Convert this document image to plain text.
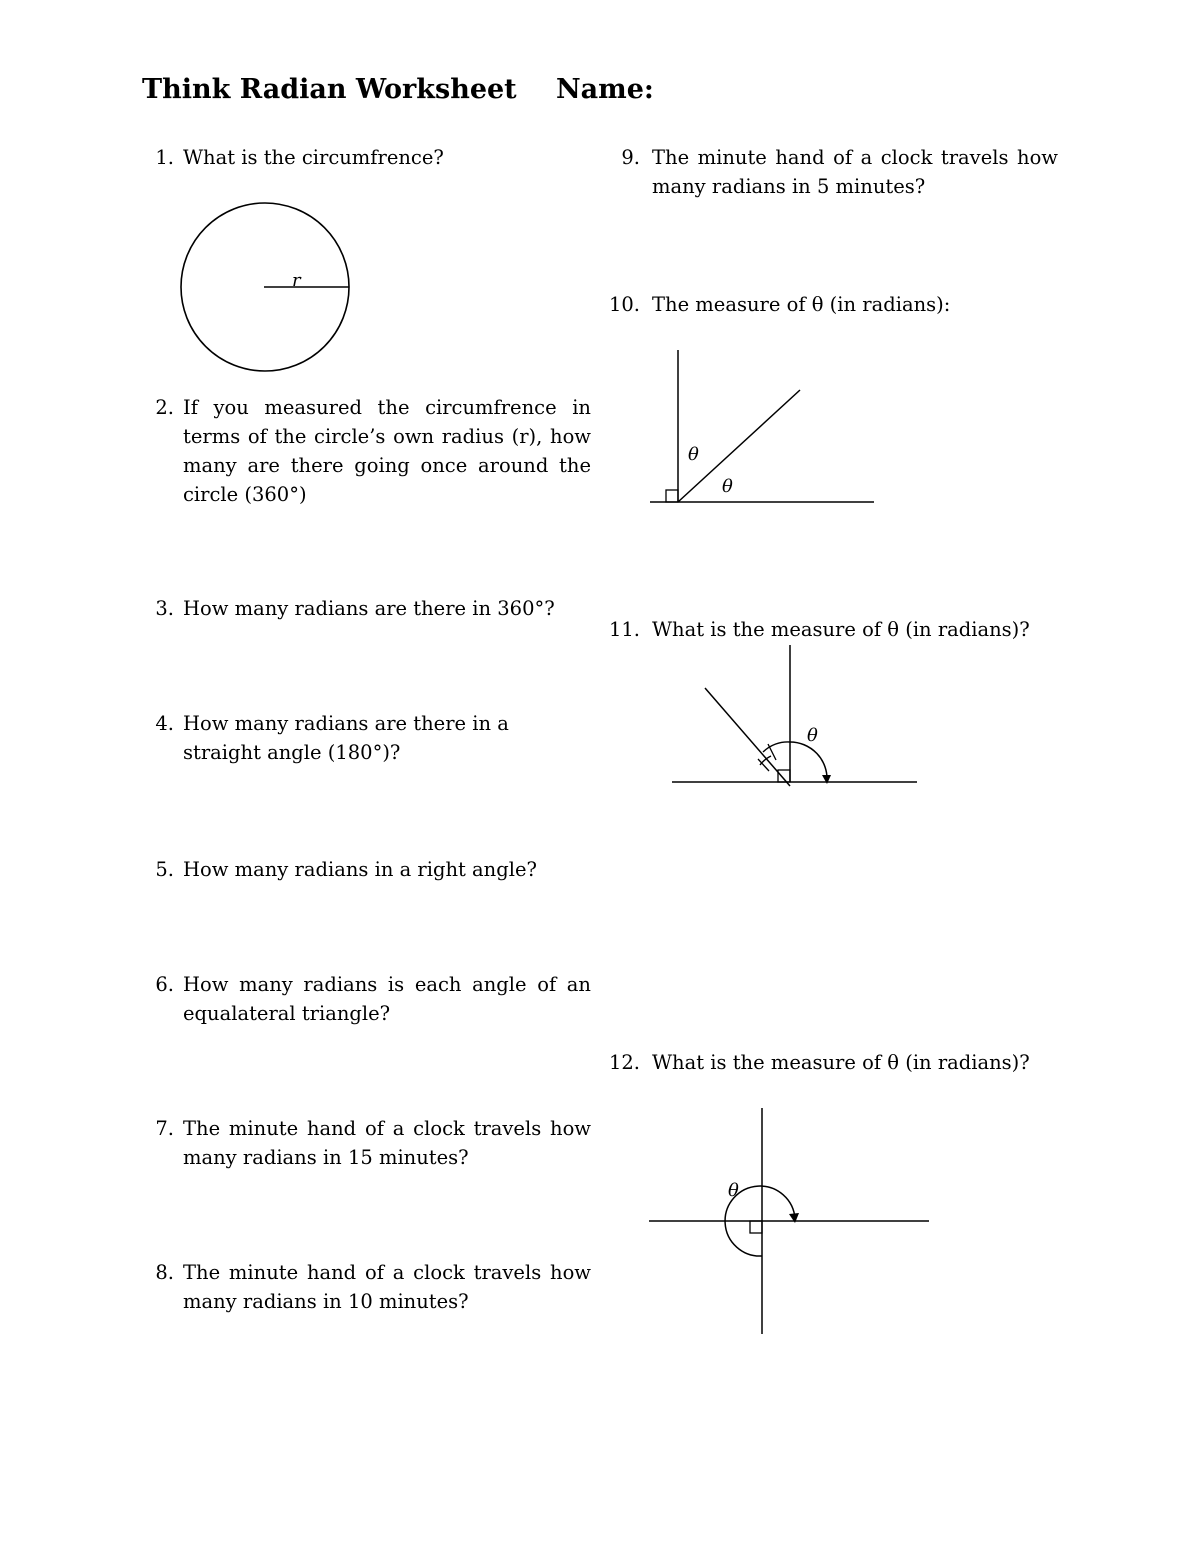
Think Radian Worksheet Name:
1. What is the circumfrence?
r
2. If you measured the circumfrence in terms of the circle’s own radius (r), how many are there going once around the circle (360°)
3. How many radians are there in 360°?
4. How many radians are there in a straight angle (180°)?
5. How many radians in a right angle?
6. How many radians is each angle of an equalateral triangle?
7. The minute hand of a clock travels how many radians in 15 minutes?
8. The minute hand of a clock travels how many radians in 10 minutes?
9. The minute hand of a clock travels how many radians in 5 minutes?
10. The measure of θ (in radians):
θ
θ
11. What is the measure of θ (in radians)?
θ
12. What is the measure of θ (in radians)?
θ
